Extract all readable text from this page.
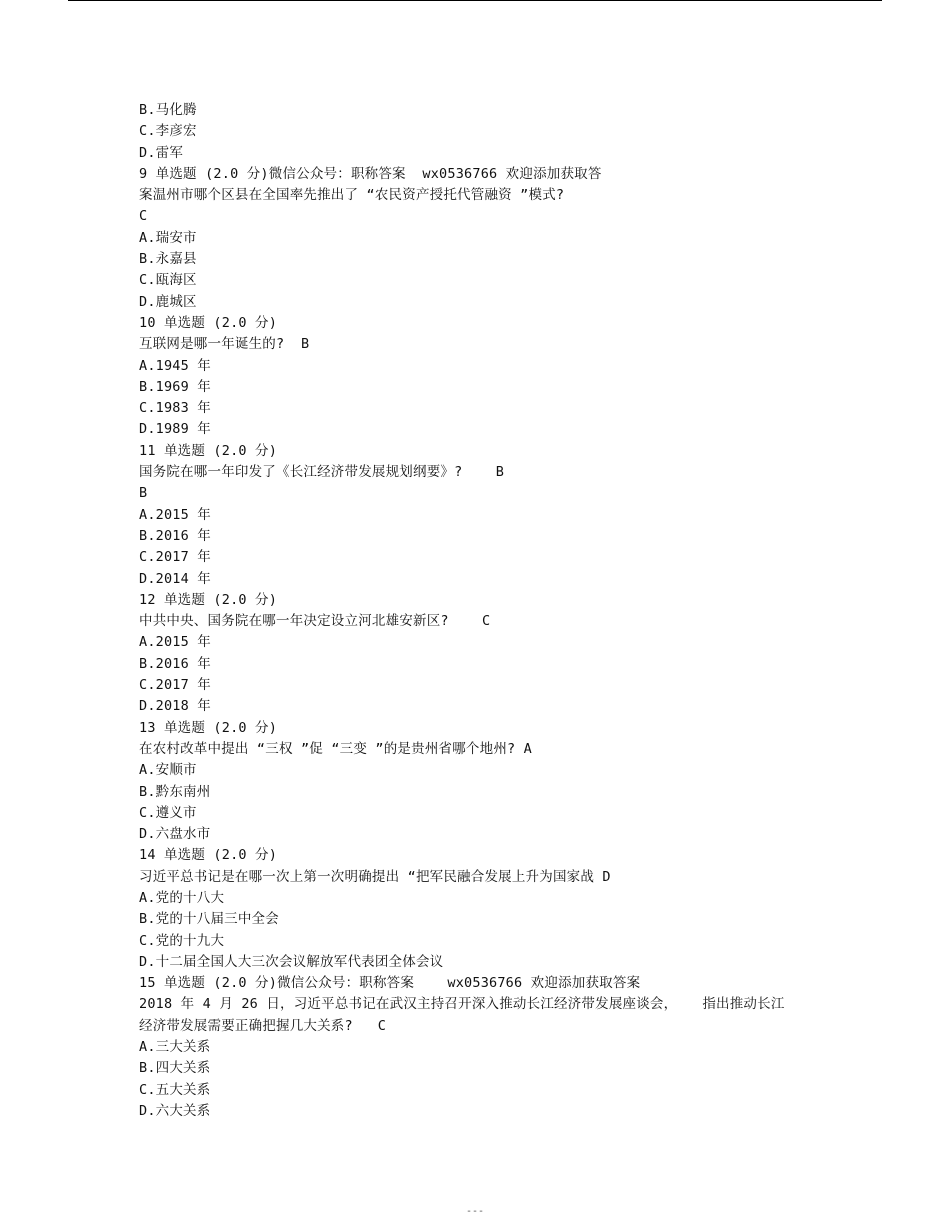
B.马化腾
C.李彦宏
D.雷军
9 单选题 (2.0 分)微信公众号：职称答案  wx0536766 欢迎添加获取答
案温州市哪个区县在全国率先推出了 “农民资产授托代管融资 ”模式?
C
A.瑞安市
B.永嘉县
C.瓯海区
D.鹿城区
10 单选题 (2.0 分)
互联网是哪一年诞生的?  B
A.1945 年
B.1969 年
C.1983 年
D.1989 年
11 单选题 (2.0 分)
国务院在哪一年印发了《长江经济带发展规划纲要》?    B
B
A.2015 年
B.2016 年
C.2017 年
D.2014 年
12 单选题 (2.0 分)
中共中央、国务院在哪一年决定设立河北雄安新区?    C
A.2015 年
B.2016 年
C.2017 年
D.2018 年
13 单选题 (2.0 分)
在农村改革中提出 “三权 ”促 “三变 ”的是贵州省哪个地州? A
A.安顺市
B.黔东南州
C.遵义市
D.六盘水市
14 单选题 (2.0 分)
习近平总书记是在哪一次上第一次明确提出 “把军民融合发展上升为国家战 D
A.党的十八大
B.党的十八届三中全会
C.党的十九大
D.十二届全国人大三次会议解放军代表团全体会议
15 单选题 (2.0 分)微信公众号：职称答案    wx0536766 欢迎添加获取答案
2018 年 4 月 26 日，习近平总书记在武汉主持召开深入推动长江经济带发展座谈会，   指出推动长江
经济带发展需要正确把握几大关系?   C
A.三大关系
B.四大关系
C.五大关系
D.六大关系
---
